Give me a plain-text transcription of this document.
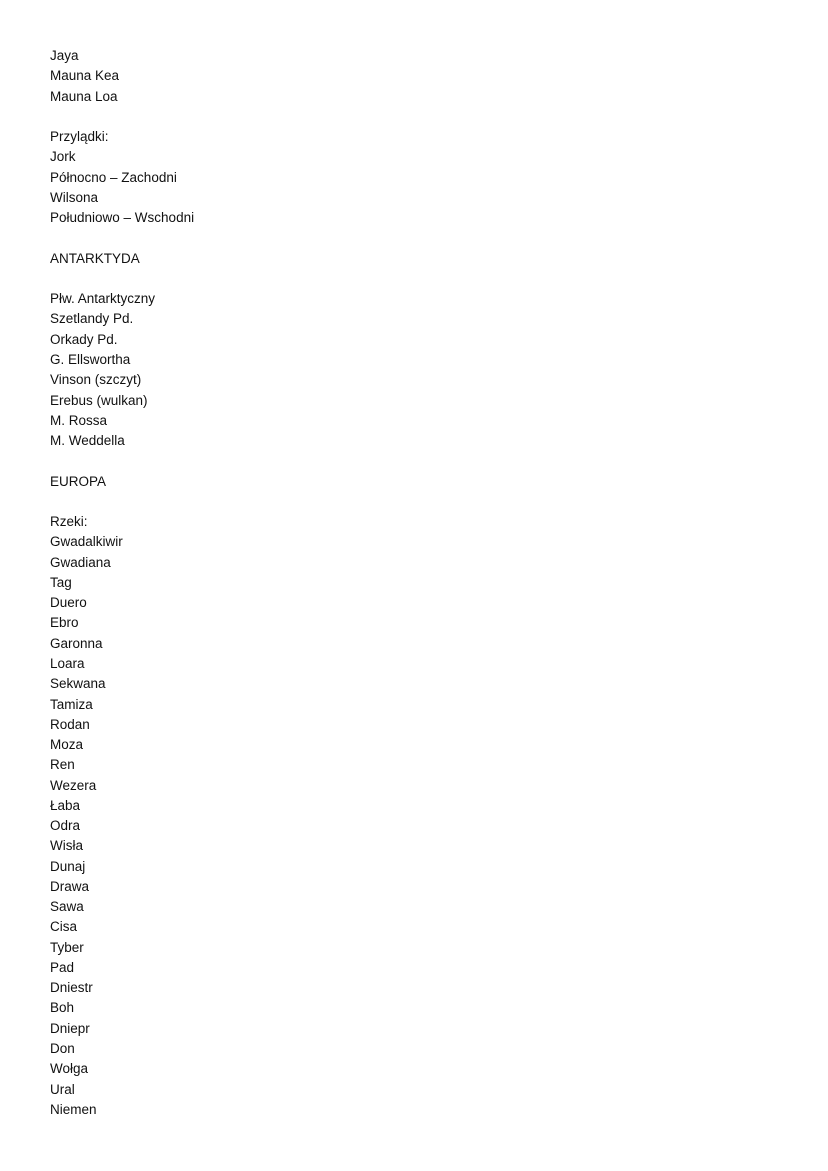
Jaya
Mauna Kea
Mauna Loa
Przylądki:
Jork
Północno – Zachodni
Wilsona
Południowo – Wschodni
ANTARKTYDA
Płw. Antarktyczny
Szetlandy Pd.
Orkady Pd.
G. Ellswortha
Vinson (szczyt)
Erebus (wulkan)
M. Rossa
M. Weddella
EUROPA
Rzeki:
Gwadalkiwir
Gwadiana
Tag
Duero
Ebro
Garonna
Loara
Sekwana
Tamiza
Rodan
Moza
Ren
Wezera
Łaba
Odra
Wisła
Dunaj
Drawa
Sawa
Cisa
Tyber
Pad
Dniestr
Boh
Dniepr
Don
Wołga
Ural
Niemen
